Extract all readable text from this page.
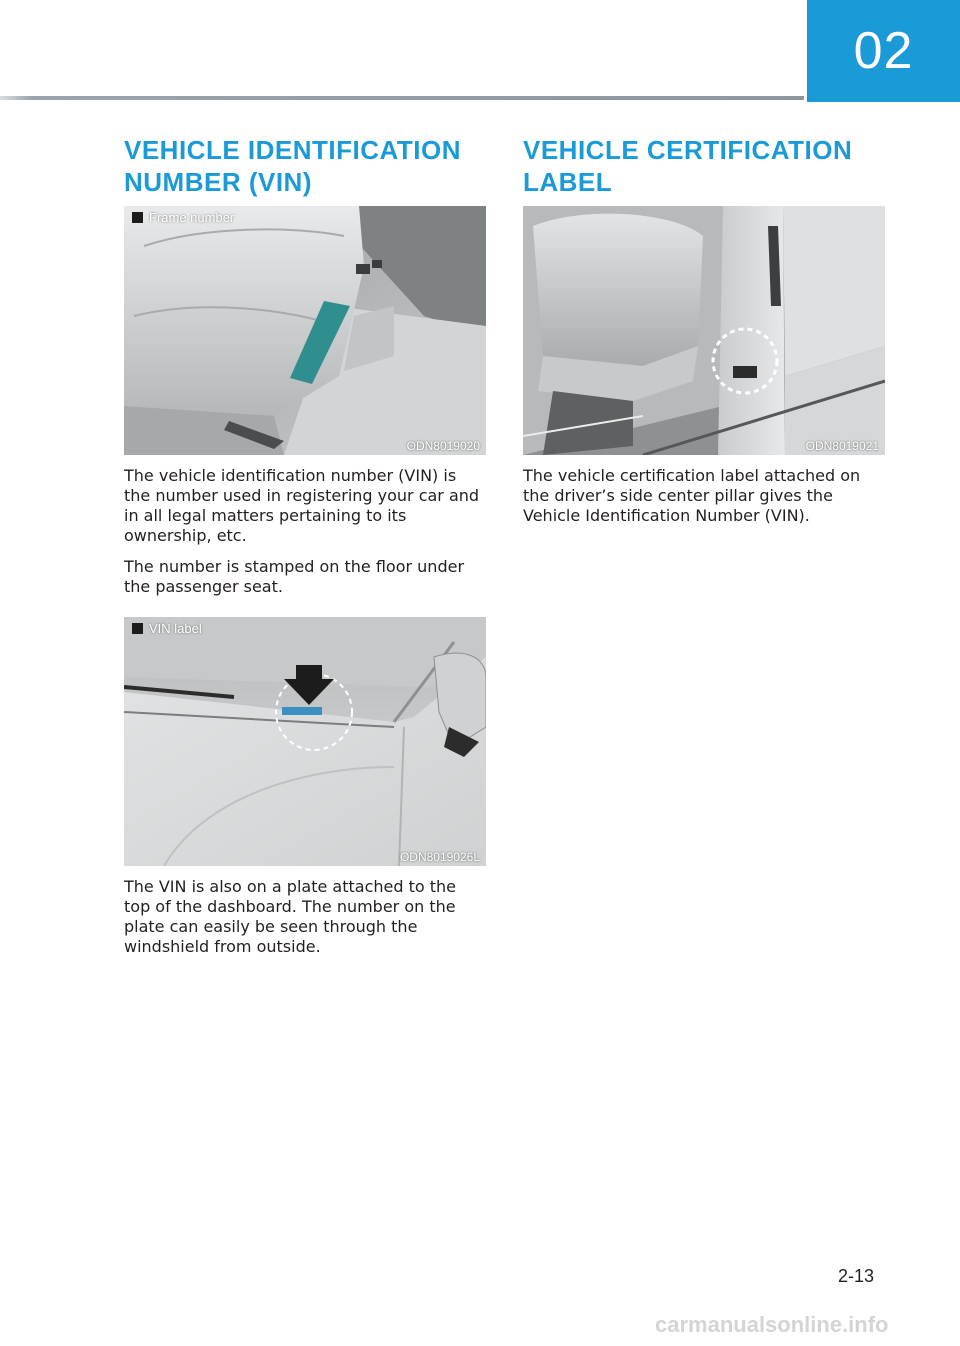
02
VEHICLE IDENTIFICATION
NUMBER (VIN)
Frame number
ODN8019020

The vehicle identification number (VIN) is the number used in registering your car and in all legal matters pertaining to its ownership, etc.

The number is stamped on the floor under the passenger seat.

VIN label
ODN8019026L

The VIN is also on a plate attached to the top of the dashboard. The number on the plate can easily be seen through the windshield from outside.

VEHICLE CERTIFICATION
LABEL
ODN8019021

The vehicle certification label attached on the driver’s side center pillar gives the Vehicle Identification Number (VIN).

2-13
carmanualsonline.info
